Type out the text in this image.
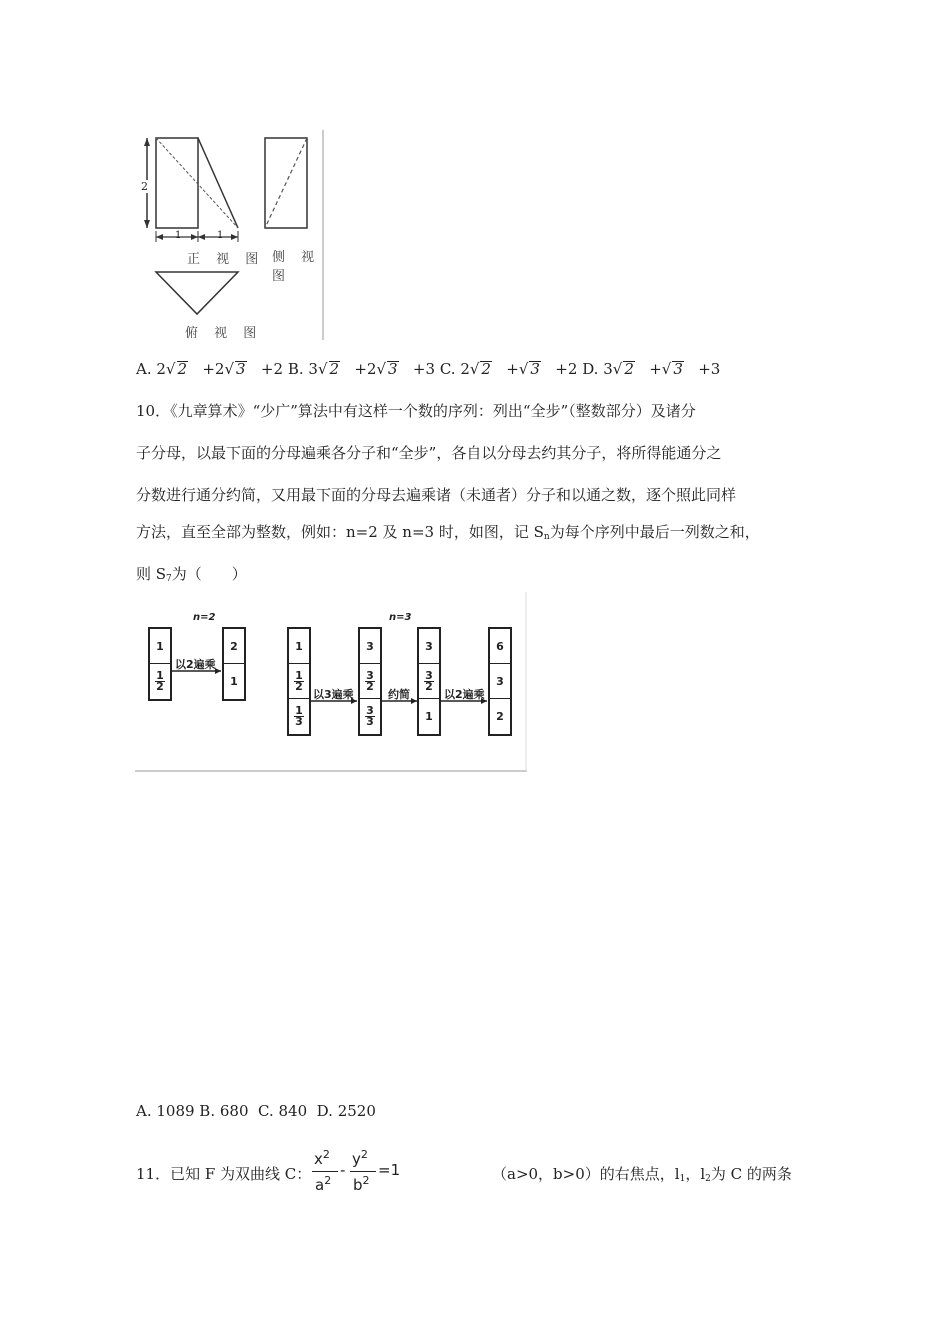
2
1	1
正 视 图 侧 视 图
俯 视 图
A. 2√ 2 +2√ 3 +2 B. 3√ 2 +2√ 3 +3 C. 2√ 2 +√ 3 +2 D. 3√ 2 +√ 3 +3
10．《九章算术》“少广”算法中有这样一个数的序列：列出“全步”（整数部分）及诸分
子分母，以最下面的分母遍乘各分子和“全步”，各自以分母去约其分子，将所得能通分之
分数进行通分约简，又用最下面的分母去遍乘诸（未通者）分子和以通之数，逐个照此同样
方法，直至全部为整数，例如：n=2 及 n=3 时，如图，记 $S_n$为每个序列中最后一列数之和，
则 $S_7$为（　　）
n=2	n=3
以2遍乘
以3遍乘	约简	以2遍乘
1
$\frac{1}{2}$
2
1
1
$\frac{1}{2}$
$\frac{1}{3}$
3
$\frac{3}{2}$
$\frac{3}{3}$
3
$\frac{3}{2}$
1
6
3
2
A. 1089 B. 680  C. 840  D. 2520
11．已知 F 为双曲线 C：
$x^2$
$a^2$
-
$y^2$
$b^2$
=1	（a>0，b>0）的右焦点，$l_1$，$l_2$为 C 的两条
